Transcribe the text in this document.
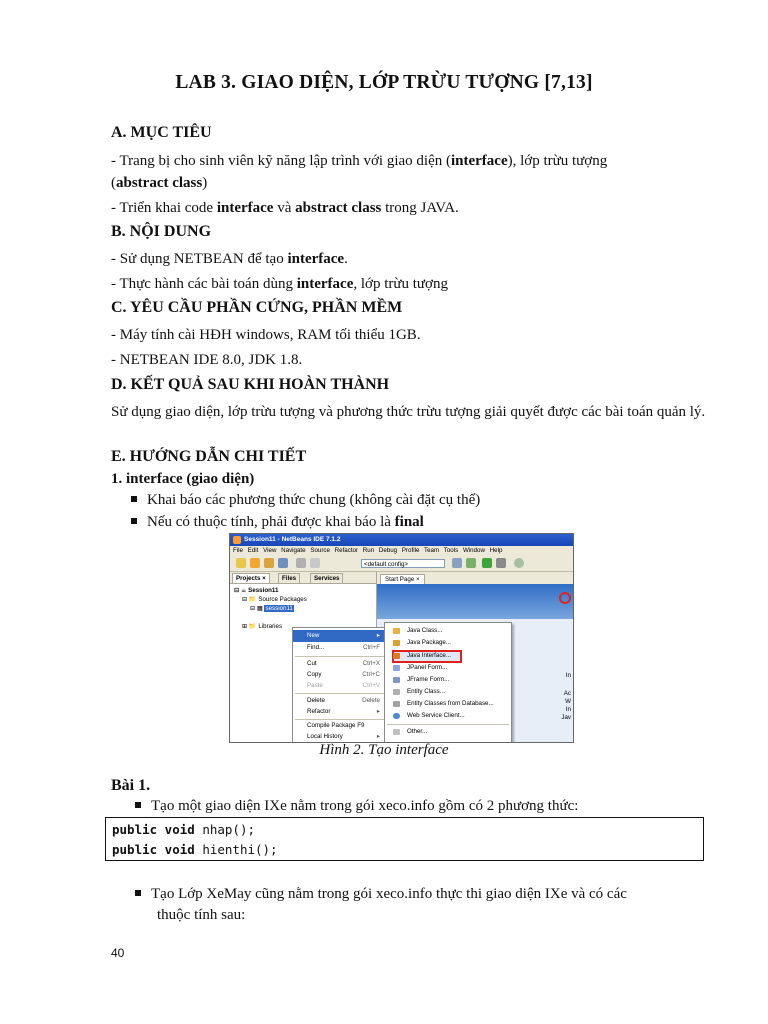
LAB 3. GIAO DIỆN, LỚP TRỪU TƯỢNG [7,13]
A. MỤC TIÊU
- Trang bị cho sinh viên kỹ năng lập trình với giao diện (interface), lớp trừu tượng
(abstract class)
- Triển khai code interface và abstract class trong JAVA.
B. NỘI DUNG
- Sử dụng NETBEAN để tạo interface.
- Thực hành các bài toán dùng interface, lớp trừu tượng
C. YÊU CẦU PHẦN CỨNG, PHẦN MỀM
- Máy tính cài HĐH windows, RAM tối thiểu 1GB.
- NETBEAN IDE 8.0, JDK 1.8.
D. KẾT QUẢ SAU KHI HOÀN THÀNH
Sử dụng giao diện, lớp trừu tượng và phương thức trừu tượng giải quyết được các bài toán quản lý.
E. HƯỚNG DẪN CHI TIẾT
1. interface (giao diện)
Khai báo các phương thức chung (không cài đặt cụ thể)
Nếu có thuộc tính, phải được khai báo là final
Session11 - NetBeans IDE 7.1.2
File Edit View Navigate Source Refactor Run Debug Profile Team Tools Window Help
<default config>
Projects ×	Files	Services
⊟ ☕ Session11
⊟ 📁 Source Packages
⊟ ▦ session11
⊞ 📁 Libraries
Start Page ×
In
Ac
W
In
Jav
New	▸
Find...	Ctrl+F
Cut	Ctrl+X
Copy	Ctrl+C
Paste	Ctrl+V
Delete	Delete
Refactor	▸
Compile Package F9
Local History	▸
Java Class...
Java Package...
Java Interface...
JPanel Form...
JFrame Form...
Entity Class...
Entity Classes from Database...
Web Service Client...
Other...
Hình 2. Tạo interface
Bài 1.
Tạo một giao diện IXe nằm trong gói xeco.info gồm có 2 phương thức:
public void nhap();
public void hienthi();
Tạo Lớp XeMay cũng nằm trong gói xeco.info thực thi giao diện IXe và có các
thuộc tính sau:
40
